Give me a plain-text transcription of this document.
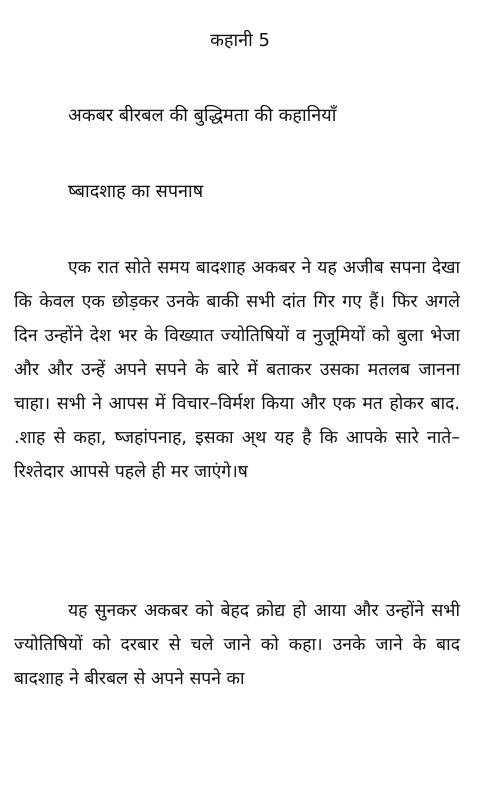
कहानी 5
अकबर बीरबल की बुद्धिमता की कहानियाँ
ष्बादशाह का सपनाष

एक रात सोते समय बादशाह अकबर ने यह अजीब सपना देखा कि केवल एक छोड़कर उनके बाकी सभी दांत गिर गए हैं। फिर अगले दिन उन्होंने देश भर के विख्यात ज्योतिषियों व नुजूमियों को बुला भेजा और और उन्हें अपने सपने के बारे में बताकर उसका मतलब जानना चाहा। सभी ने आपस में विचार–विर्मश किया और एक मत होकर बाद. .शाह से कहा, ष्जहांपनाह, इसका अ्थ यह है कि आपके सारे नाते–रिश्तेदार आपसे पहले ही मर जाएंगे।ष

यह सुनकर अकबर को बेहद क्रोद्य हो आया और उन्होंने सभी ज्योतिषियों को दरबार से चले जाने को कहा। उनके जाने के बाद बादशाह ने बीरबल से अपने सपने का
